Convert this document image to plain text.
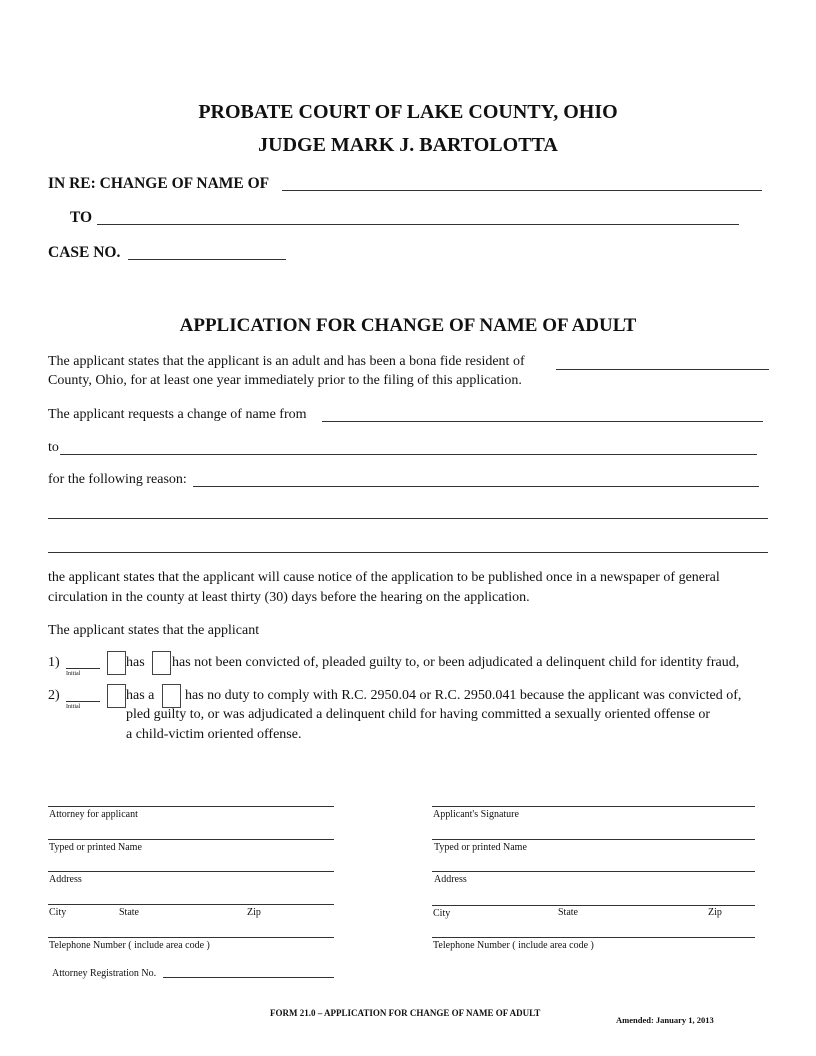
PROBATE COURT OF LAKE COUNTY, OHIO
JUDGE MARK J. BARTOLOTTA
IN RE: CHANGE OF NAME OF
TO
CASE NO.
APPLICATION FOR CHANGE OF NAME OF ADULT
The applicant states that the applicant is an adult and has been a bona fide resident of
County, Ohio, for at least one year immediately prior to the filing of this application.
The applicant requests a change of name from
to
for the following reason:
the applicant states that the applicant will cause notice of the application to be published once in a newspaper of general
circulation in the county at least thirty (30) days before the hearing on the application.
The applicant states that the applicant
1)
Initial
has has not been convicted of, pleaded guilty to, or been adjudicated a delinquent child for identity fraud,
2)
Initial
has a has no duty to comply with R.C. 2950.04 or R.C. 2950.041 because the applicant was convicted of,
pled guilty to, or was adjudicated a delinquent child for having committed a sexually oriented offense or
a child-victim oriented offense.
Attorney for applicant
Typed or printed Name
Address
City	State	Zip
Telephone Number ( include area code )
Attorney Registration No.
Applicant's Signature
Typed or printed Name
Address
City	State	Zip
Telephone Number ( include area code )
FORM 21.0 – APPLICATION FOR CHANGE OF NAME OF ADULT
Amended: January 1, 2013
